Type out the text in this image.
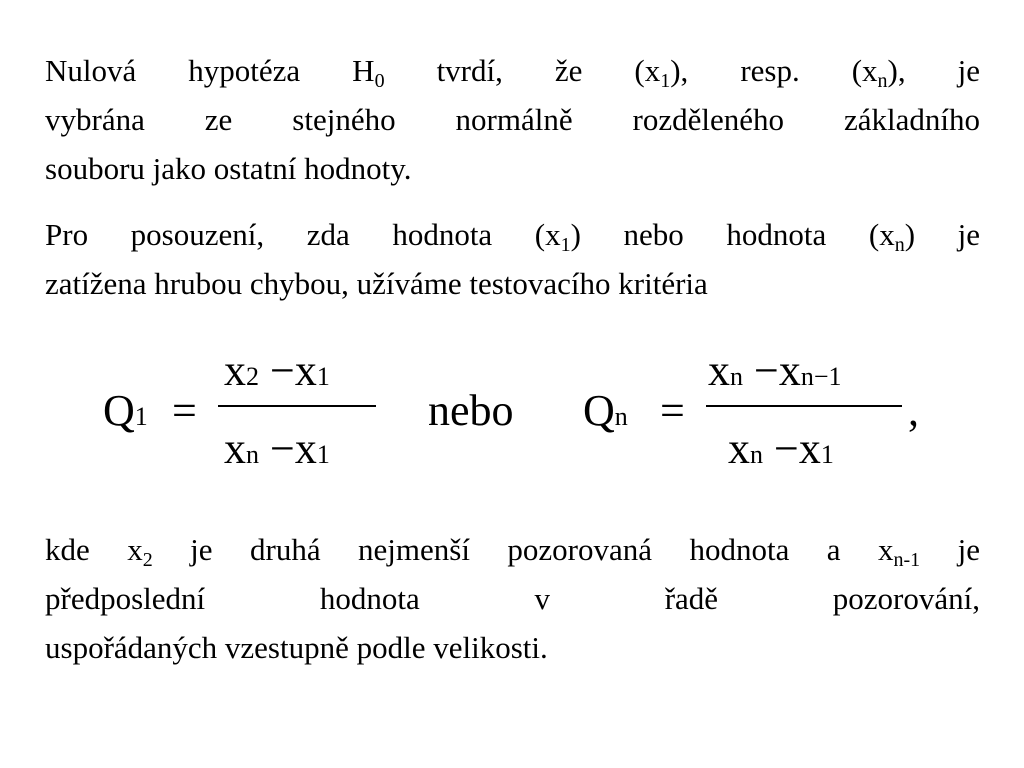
Nulová hypotéza $H_0$ tvrdí, že $(x_1)$, resp. $(x_n)$, je
vybrána ze stejného normálně rozděleného základního
souboru jako ostatní hodnoty.
Pro posouzení, zda hodnota $(x_1)$ nebo hodnota $(x_n)$ je
zatížena hrubou chybou, užíváme testovacího kritéria
Q1 =
x2 −x1
xn −x1
nebo Qn =
xn −xn−1
xn −x1
,
kde $x_2$ je druhá nejmenší pozorovaná hodnota a $x_{n-1}$ je
předposlední hodnota v řadě pozorování,
uspořádaných vzestupně podle velikosti.
